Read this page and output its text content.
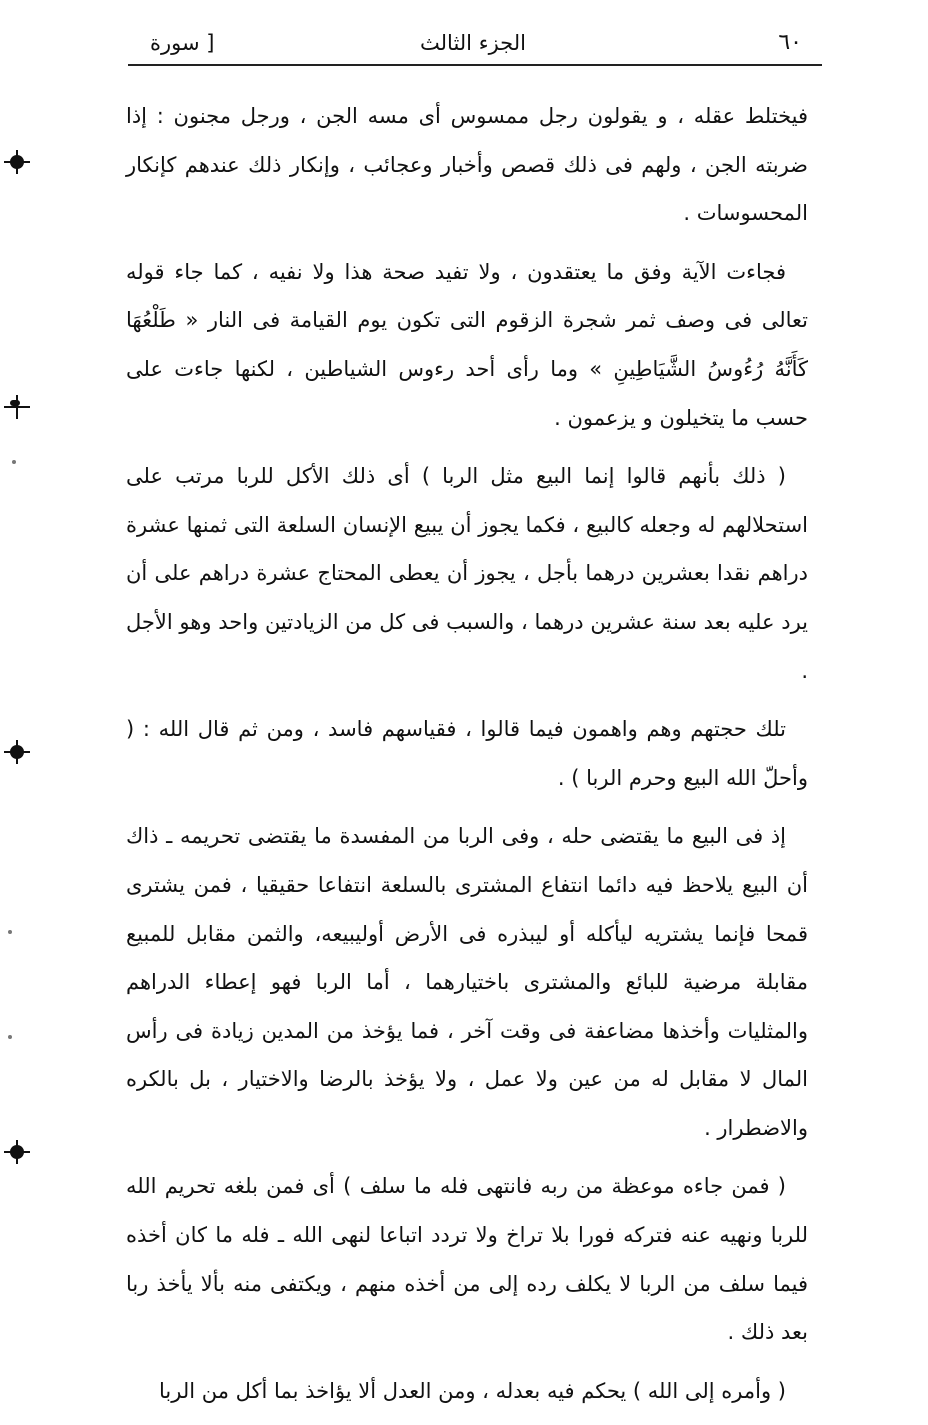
٦٠
الجزء الثالث
[ سورة

فيختلط عقله ، و يقولون رجل ممسوس أى مسه الجن ، ورجل مجنون : إذا ضربته الجن ، ولهم فى ذلك قصص وأخبار وعجائب ، وإنكار ذلك عندهم كإنكار المحسوسات .

فجاءت الآية وفق ما يعتقدون ، ولا تفيد صحة هذا ولا نفيه ، كما جاء قوله تعالى فى وصف ثمر شجرة الزقوم التى تكون يوم القيامة فى النار « طَلْعُهَا كَأَنَّهُ رُءُوسُ الشَّيَاطِينِ » وما رأى أحد رءوس الشياطين ، لكنها جاءت على حسب ما يتخيلون و يزعمون .

( ذلك بأنهم قالوا إنما البيع مثل الربا ) أى ذلك الأكل للربا مرتب على استحلالهم له وجعله كالبيع ، فكما يجوز أن يبيع الإنسان السلعة التى ثمنها عشرة دراهم نقدا بعشرين درهما بأجل ، يجوز أن يعطى المحتاج عشرة دراهم على أن يرد عليه بعد سنة عشرين درهما ، والسبب فى كل من الزيادتين واحد وهو الأجل .

تلك حجتهم وهم واهمون فيما قالوا ، فقياسهم فاسد ، ومن ثم قال الله : ( وأحلّ الله البيع وحرم الربا ) .

إذ فى البيع ما يقتضى حله ، وفى الربا من المفسدة ما يقتضى تحريمه ـ ذاك أن البيع يلاحظ فيه دائما انتفاع المشترى بالسلعة انتفاعا حقيقيا ، فمن يشترى قمحا فإنما يشتريه ليأكله أو ليبذره فى الأرض أوليبيعه، والثمن مقابل للمبيع مقابلة مرضية للبائع والمشترى باختيارهما ، أما الربا فهو إعطاء الدراهم والمثليات وأخذها مضاعفة فى وقت آخر ، فما يؤخذ من المدين زيادة فى رأس المال لا مقابل له من عين ولا عمل ، ولا يؤخذ بالرضا والاختيار ، بل بالكره والاضطرار .

( فمن جاءه موعظة من ربه فانتهى فله ما سلف ) أى فمن بلغه تحريم الله للربا ونهيه عنه فتركه فورا بلا تراخ ولا تردد اتباعا لنهى الله ـ فله ما كان أخذه فيما سلف من الربا لا يكلف رده إلى من أخذه منهم ، ويكتفى منه بألا يأخذ ربا بعد ذلك .

( وأمره إلى الله ) يحكم فيه بعدله ، ومن العدل ألا يؤاخذ بما أكل من الربا
